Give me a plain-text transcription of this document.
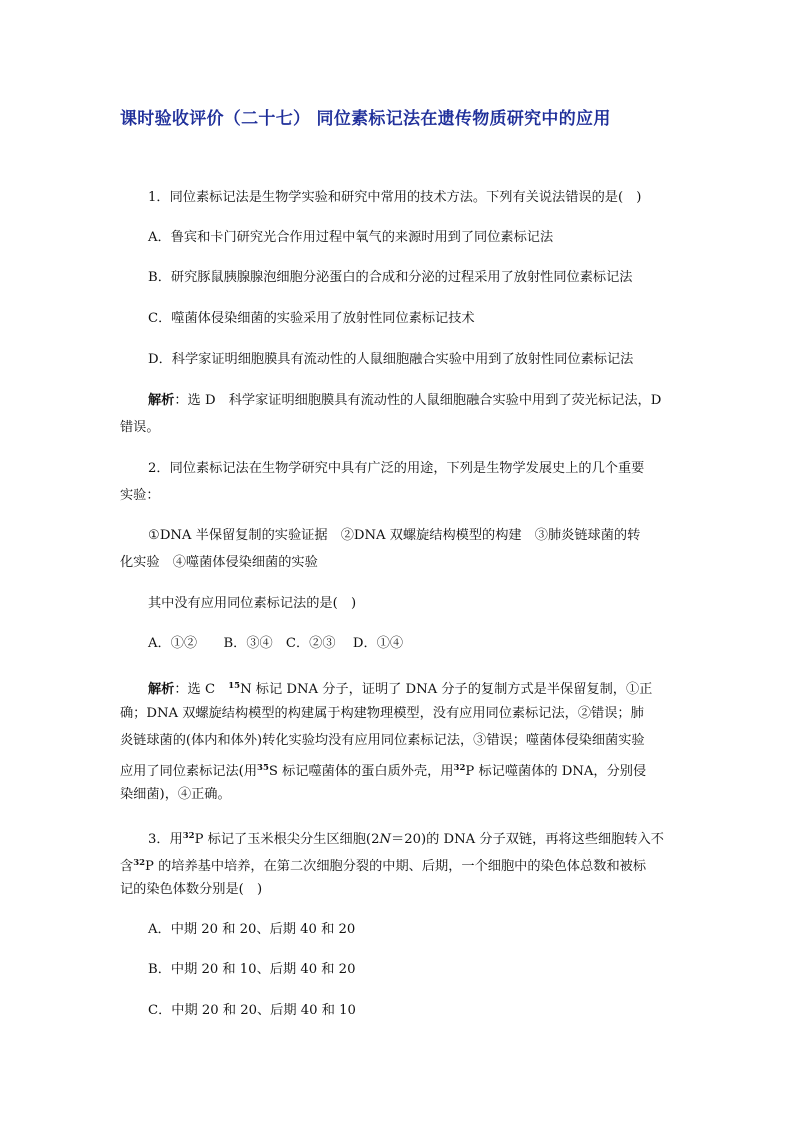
课时验收评价（二十七） 同位素标记法在遗传物质研究中的应用
1．同位素标记法是生物学实验和研究中常用的技术方法。下列有关说法错误的是(　)
A．鲁宾和卡门研究光合作用过程中氧气的来源时用到了同位素标记法
B．研究豚鼠胰腺腺泡细胞分泌蛋白的合成和分泌的过程采用了放射性同位素标记法
C．噬菌体侵染细菌的实验采用了放射性同位素标记技术
D．科学家证明细胞膜具有流动性的人鼠细胞融合实验中用到了放射性同位素标记法
解析：选 D　科学家证明细胞膜具有流动性的人鼠细胞融合实验中用到了荧光标记法，D
错误。
2．同位素标记法在生物学研究中具有广泛的用途，下列是生物学发展史上的几个重要
实验：
①DNA 半保留复制的实验证据　②DNA 双螺旋结构模型的构建　③肺炎链球菌的转
化实验　④噬菌体侵染细菌的实验
其中没有应用同位素标记法的是(　)
A．①②　　B．③④　C．②③　 D．①④
解析：选 C　$^{15}$N 标记 DNA 分子，证明了 DNA 分子的复制方式是半保留复制，①正
确；DNA 双螺旋结构模型的构建属于构建物理模型，没有应用同位素标记法，②错误；肺
炎链球菌的(体内和体外)转化实验均没有应用同位素标记法，③错误；噬菌体侵染细菌实验
应用了同位素标记法(用$^{35}$S 标记噬菌体的蛋白质外壳，用$^{32}$P 标记噬菌体的 DNA，分别侵
染细菌)，④正确。
3．用$^{32}$P 标记了玉米根尖分生区细胞(2N＝20)的 DNA 分子双链，再将这些细胞转入不
含$^{32}$P 的培养基中培养，在第二次细胞分裂的中期、后期，一个细胞中的染色体总数和被标
记的染色体数分别是(　)
A．中期 20 和 20、后期 40 和 20
B．中期 20 和 10、后期 40 和 20
C．中期 20 和 20、后期 40 和 10
